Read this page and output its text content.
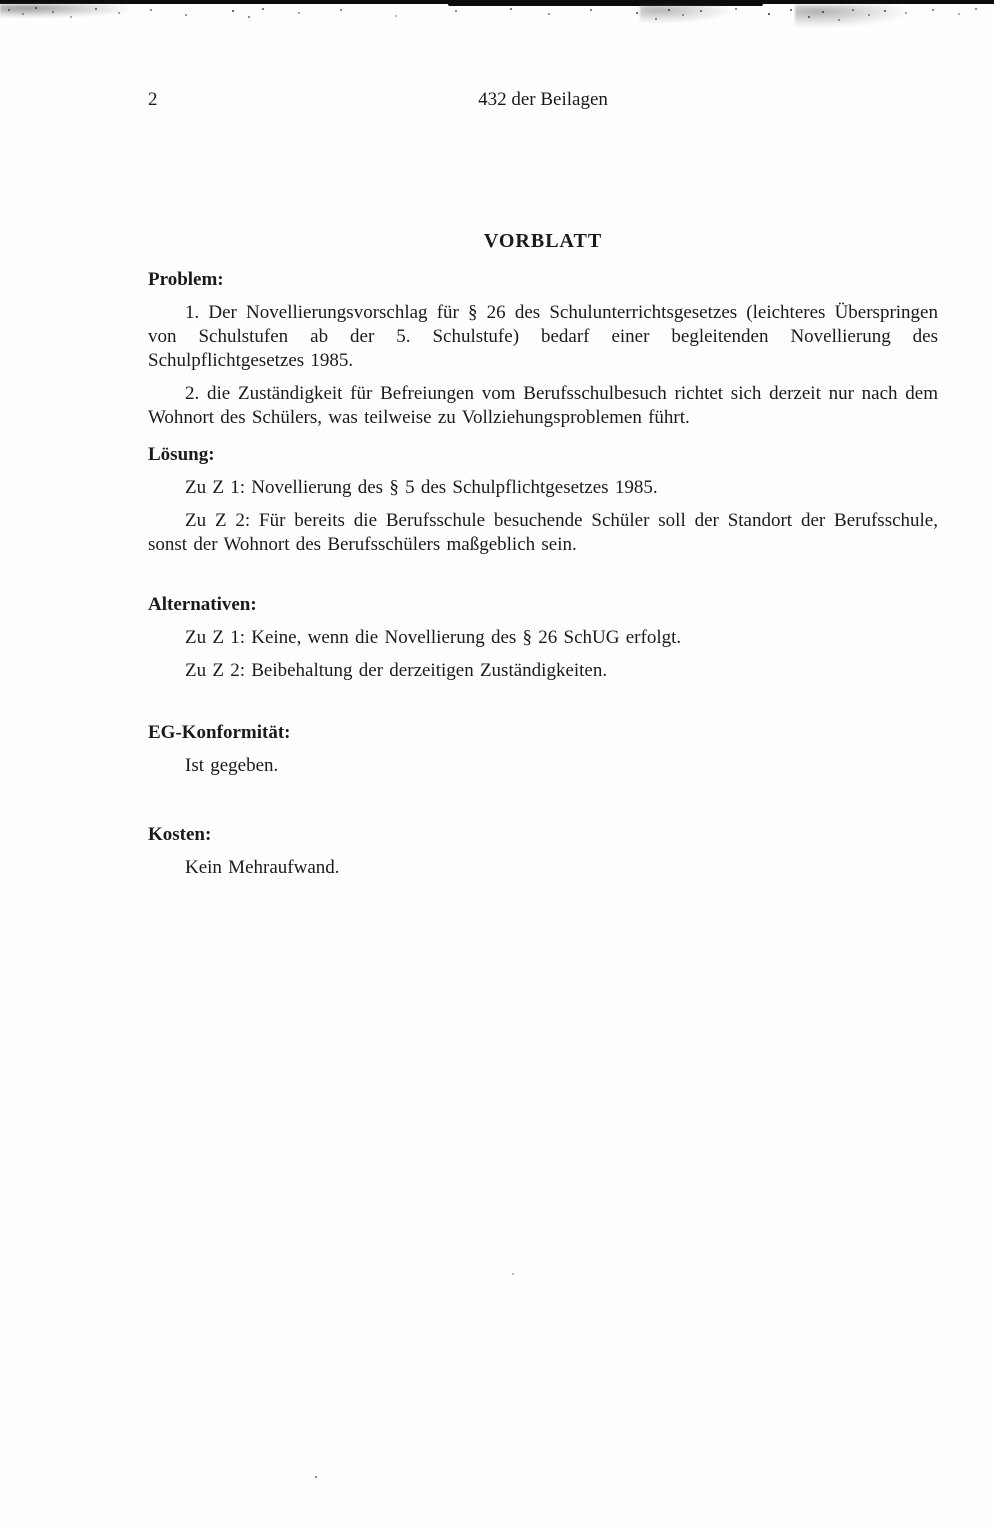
2	432 der Beilagen
VORBLATT
Problem:

1. Der Novellierungsvorschlag für § 26 des Schulunterrichtsgesetzes (leichteres Überspringen von Schulstufen ab der 5. Schulstufe) bedarf einer begleitenden Novellierung des Schulpflichtgesetzes 1985.

2. die Zuständigkeit für Befreiungen vom Berufsschulbesuch richtet sich derzeit nur nach dem Wohnort des Schülers, was teilweise zu Vollziehungsproblemen führt.

Lösung:

Zu Z 1: Novellierung des § 5 des Schulpflichtgesetzes 1985.

Zu Z 2: Für bereits die Berufsschule besuchende Schüler soll der Standort der Berufsschule, sonst der Wohnort des Berufsschülers maßgeblich sein.

Alternativen:

Zu Z 1: Keine, wenn die Novellierung des § 26 SchUG erfolgt.

Zu Z 2: Beibehaltung der derzeitigen Zuständigkeiten.

EG-Konformität:

Ist gegeben.

Kosten:

Kein Mehraufwand.
